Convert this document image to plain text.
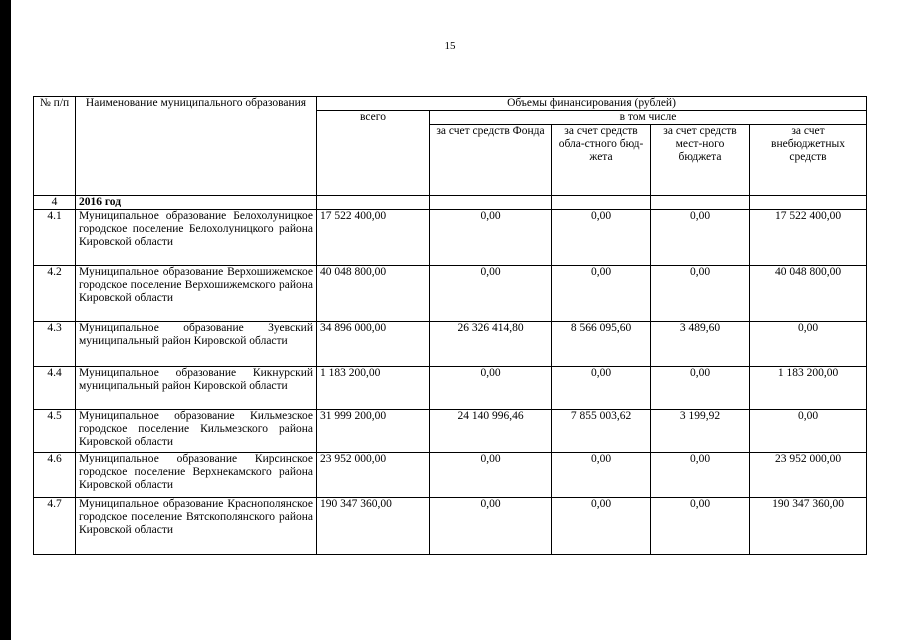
15
№ п/п	Наименование муниципального образования	Объемы финансирования (рублей)				
		всего	в том числе			
			за счет средств Фонда	за счет средств обла-стного бюд-жета	за счет средств мест-ного бюджета	за счет внебюджетных средств
4	2016 год					
4.1	Муниципальное образование Белохолуницкое городское поселение Белохолуницкого района Кировской области	17 522 400,00	0,00	0,00	0,00	17 522 400,00
4.2	Муниципальное образование Верхошижемское городское поселение Верхошижемского района Кировской области	40 048 800,00	0,00	0,00	0,00	40 048 800,00
4.3	Муниципальное образование Зуевский муниципальный район Кировской области	34 896 000,00	26 326 414,80	8 566 095,60	3 489,60	0,00
4.4	Муниципальное образование Кикнурский муниципальный район Кировской области	1 183 200,00	0,00	0,00	0,00	1 183 200,00
4.5	Муниципальное образование Кильмезское городское поселение Кильмезского района Кировской области	31 999 200,00	24 140 996,46	7 855 003,62	3 199,92	0,00
4.6	Муниципальное образование Кирсинское городское поселение Верхнекамского района Кировской области	23 952 000,00	0,00	0,00	0,00	23 952 000,00
4.7	Муниципальное образование Краснополянское городское поселение Вятскополянского района Кировской области	190 347 360,00	0,00	0,00	0,00	190 347 360,00
